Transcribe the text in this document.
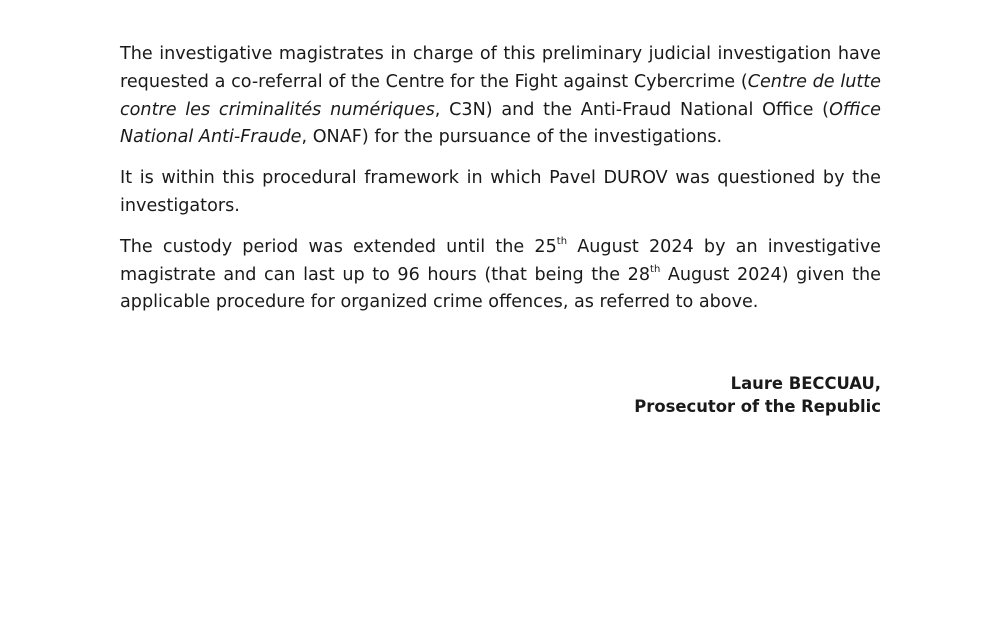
The investigative magistrates in charge of this preliminary judicial investigation have requested a co-referral of the Centre for the Fight against Cybercrime (Centre de lutte contre les criminalités numériques, C3N) and the Anti-Fraud National Office (Office National Anti-Fraude, ONAF) for the pursuance of the investigations.

It is within this procedural framework in which Pavel DUROV was questioned by the investigators.

The custody period was extended until the 25th August 2024 by an investigative magistrate and can last up to 96 hours (that being the 28th August 2024) given the applicable procedure for organized crime offences, as referred to above.

Laure BECCUAU,
Prosecutor of the Republic
